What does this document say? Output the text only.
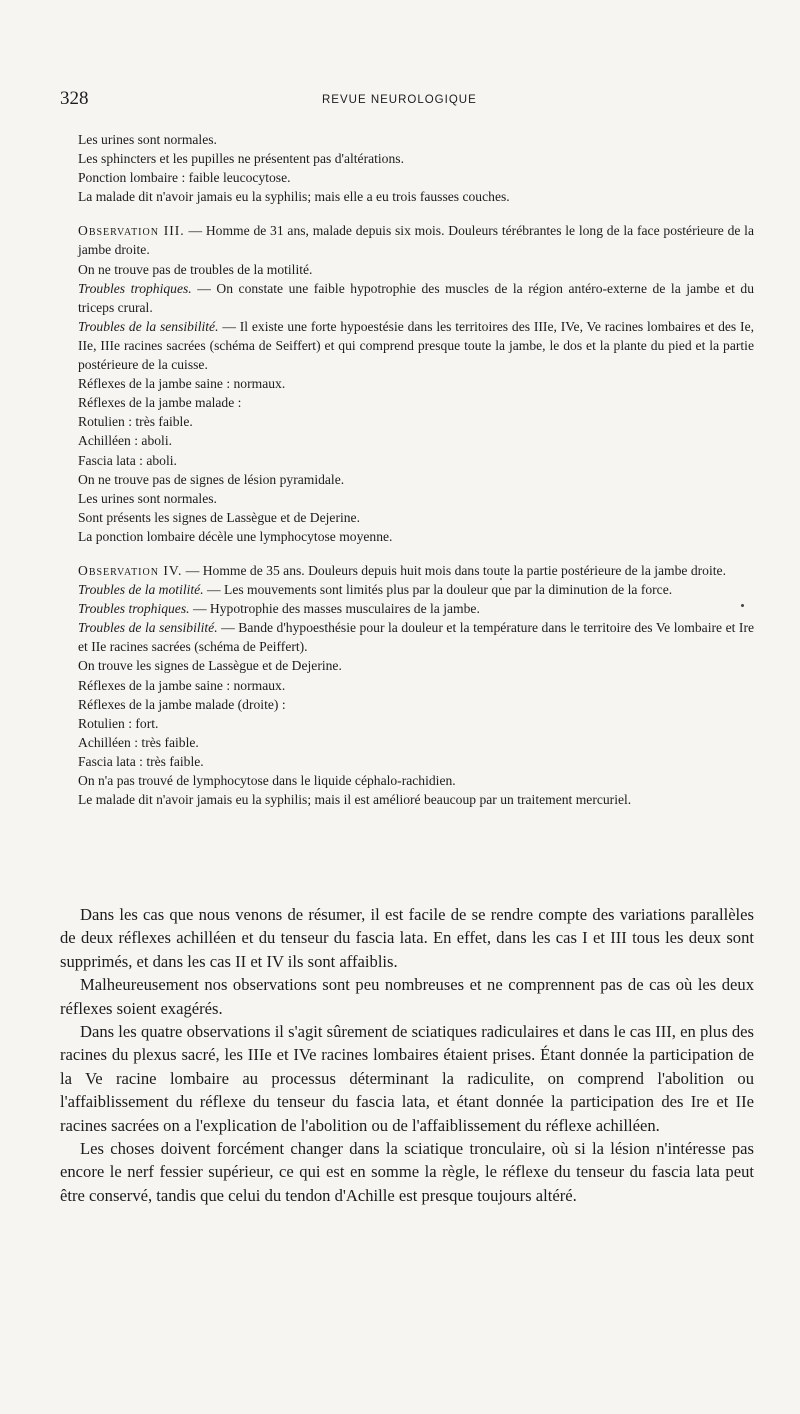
328	REVUE NEUROLOGIQUE

Les urines sont normales.

Les sphincters et les pupilles ne présentent pas d'altérations.

Ponction lombaire : faible leucocytose.

La malade dit n'avoir jamais eu la syphilis; mais elle a eu trois fausses couches.

Observation III. — Homme de 31 ans, malade depuis six mois. Douleurs térébrantes le long de la face postérieure de la jambe droite.

On ne trouve pas de troubles de la motilité.

Troubles trophiques. — On constate une faible hypotrophie des muscles de la région antéro-externe de la jambe et du triceps crural.

Troubles de la sensibilité. — Il existe une forte hypoestésie dans les territoires des IIIe, IVe, Ve racines lombaires et des Ie, IIe, IIIe racines sacrées (schéma de Seiffert) et qui comprend presque toute la jambe, le dos et la plante du pied et la partie postérieure de la cuisse.

Réflexes de la jambe saine : normaux.

Réflexes de la jambe malade :

Rotulien : très faible.

Achilléen : aboli.

Fascia lata : aboli.

On ne trouve pas de signes de lésion pyramidale.

Les urines sont normales.

Sont présents les signes de Lassègue et de Dejerine.

La ponction lombaire décèle une lymphocytose moyenne.

Observation IV. — Homme de 35 ans. Douleurs depuis huit mois dans toute la partie postérieure de la jambe droite.

Troubles de la motilité. — Les mouvements sont limités plus par la douleur que par la diminution de la force.

Troubles trophiques. — Hypotrophie des masses musculaires de la jambe.

Troubles de la sensibilité. — Bande d'hypoesthésie pour la douleur et la température dans le territoire des Ve lombaire et Ire et IIe racines sacrées (schéma de Peiffert).

On trouve les signes de Lassègue et de Dejerine.

Réflexes de la jambe saine : normaux.

Réflexes de la jambe malade (droite) :

Rotulien : fort.

Achilléen : très faible.

Fascia lata : très faible.

On n'a pas trouvé de lymphocytose dans le liquide céphalo-rachidien.

Le malade dit n'avoir jamais eu la syphilis; mais il est amélioré beaucoup par un traitement mercuriel.

Dans les cas que nous venons de résumer, il est facile de se rendre compte des variations parallèles de deux réflexes achilléen et du tenseur du fascia lata. En effet, dans les cas I et III tous les deux sont supprimés, et dans les cas II et IV ils sont affaiblis.

Malheureusement nos observations sont peu nombreuses et ne comprennent pas de cas où les deux réflexes soient exagérés.

Dans les quatre observations il s'agit sûrement de sciatiques radiculaires et dans le cas III, en plus des racines du plexus sacré, les IIIe et IVe racines lombaires étaient prises. Étant donnée la participation de la Ve racine lombaire au processus déterminant la radiculite, on comprend l'abolition ou l'affaiblissement du réflexe du tenseur du fascia lata, et étant donnée la participation des Ire et IIe racines sacrées on a l'explication de l'abolition ou de l'affaiblissement du réflexe achilléen.

Les choses doivent forcément changer dans la sciatique tronculaire, où si la lésion n'intéresse pas encore le nerf fessier supérieur, ce qui est en somme la règle, le réflexe du tenseur du fascia lata peut être conservé, tandis que celui du tendon d'Achille est presque toujours altéré.
